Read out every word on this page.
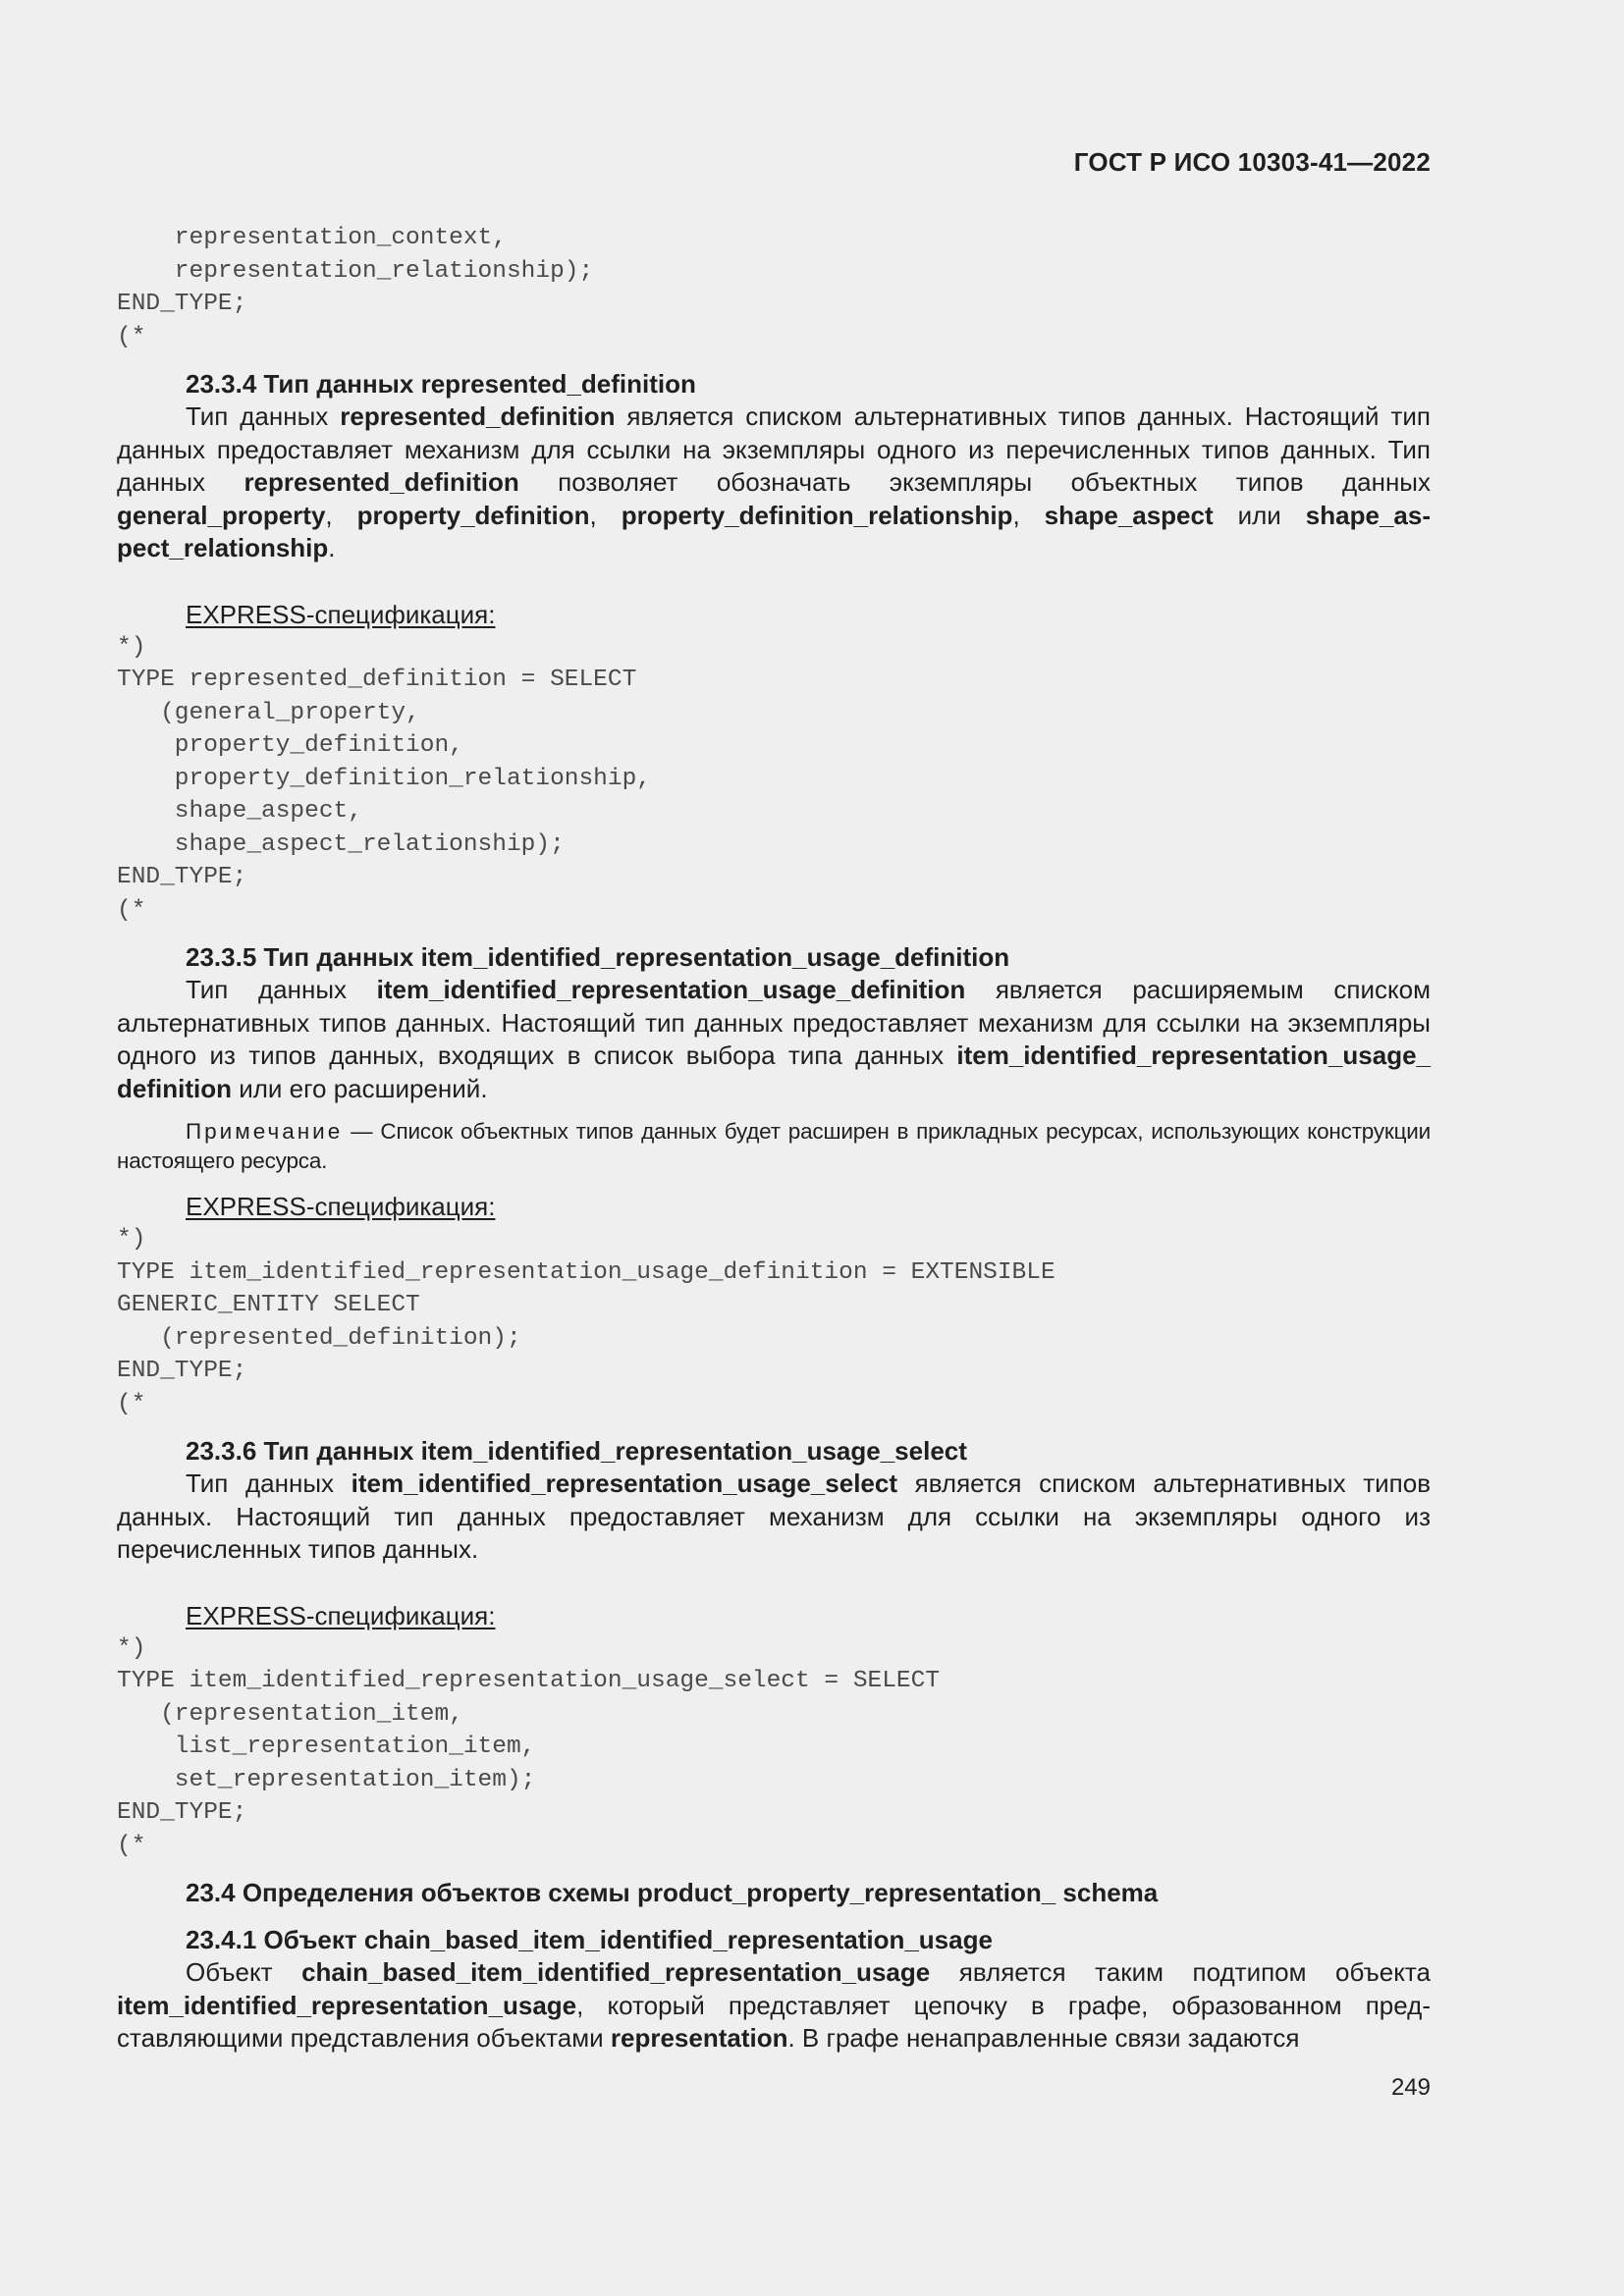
ГОСТ Р ИСО 10303-41—2022
representation_context,
representation_relationship);
END_TYPE;
(*
23.3.4 Тип данных represented_definition

Тип данных represented_definition является списком альтернативных типов данных. Настоящий тип данных предоставляет механизм для ссылки на экземпляры одного из перечисленных типов данных. Тип данных represented_definition позволяет обозначать экземпляры объектных типов данных general_property, property_definition, property_definition_relationship, shape_aspect или shape_aspect_relationship.

EXPRESS-спецификация:
*)
TYPE represented_definition = SELECT
(general_property,
property_definition,
property_definition_relationship,
shape_aspect,
shape_aspect_relationship);
END_TYPE;
(*
23.3.5 Тип данных item_identified_representation_usage_definition

Тип данных item_identified_representation_usage_definition является расширяемым списком альтернативных типов данных. Настоящий тип данных предоставляет механизм для ссылки на экземпляры одного из типов данных, входящих в список выбора типа данных item_identified_representation_usage_ definition или его расширений.

Примечание — Список объектных типов данных будет расширен в прикладных ресурсах, использующих конструкции настоящего ресурса.

EXPRESS-спецификация:
*)
TYPE item_identified_representation_usage_definition = EXTENSIBLE
GENERIC_ENTITY SELECT
(represented_definition);
END_TYPE;
(*
23.3.6 Тип данных item_identified_representation_usage_select

Тип данных item_identified_representation_usage_select является списком альтернативных типов данных. Настоящий тип данных предоставляет механизм для ссылки на экземпляры одного из перечисленных типов данных.

EXPRESS-спецификация:
*)
TYPE item_identified_representation_usage_select = SELECT
(representation_item,
list_representation_item,
set_representation_item);
END_TYPE;
(*
23.4 Определения объектов схемы product_property_representation_ schema
23.4.1 Объект chain_based_item_identified_representation_usage

Объект chain_based_item_identified_representation_usage является таким подтипом объекта item_identified_representation_usage, который представляет цепочку в графе, образованном представляющими представления объектами representation. В графе ненаправленные связи задаются

249
